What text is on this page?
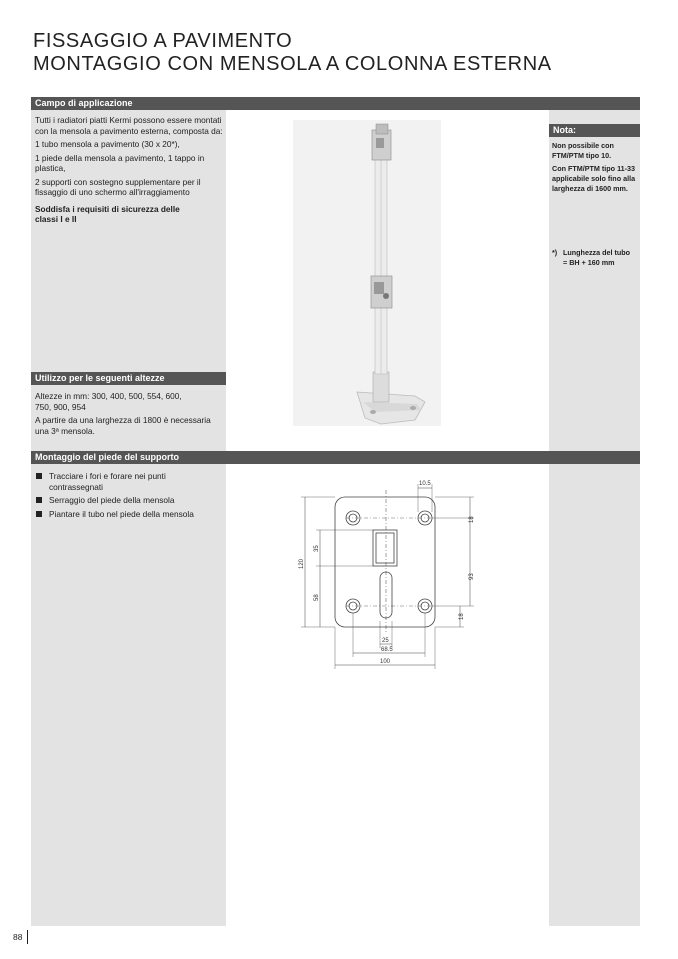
FISSAGGIO A PAVIMENTO
MONTAGGIO CON MENSOLA A COLONNA ESTERNA
Campo di applicazione
Utilizzo per le seguenti altezze
Montaggio del piede del supporto
Nota:

Tutti i radiatori piatti Kermi possono essere montati con la mensola a pavimento esterna, composta da:

1 tubo mensola a pavimento (30 x 20*),

1 piede della mensola a pavimento, 1 tappo in plastica,

2 supporti con sostegno supplementare per il fissaggio di uno schermo all'irraggiamento

Soddisfa i requisiti di sicurezza delle classi I e II

Altezze in mm: 300, 400, 500, 554, 600, 750, 900, 954

A partire da una larghezza di 1800 è necessaria una 3ª mensola.

Tracciare i fori e forare nei punti contrassegnati
Serraggio del piede della mensola
Piantare il tubo nel piede della mensola

Non possibile con FTM/PTM tipo 10.

Con FTM/PTM tipo 11-33 applicabile solo fino alla larghezza di 1600 mm.

*) Lunghezza del tubo = BH + 160 mm
10.5
18
35
120
93
58
18
25
68.5
100
88
